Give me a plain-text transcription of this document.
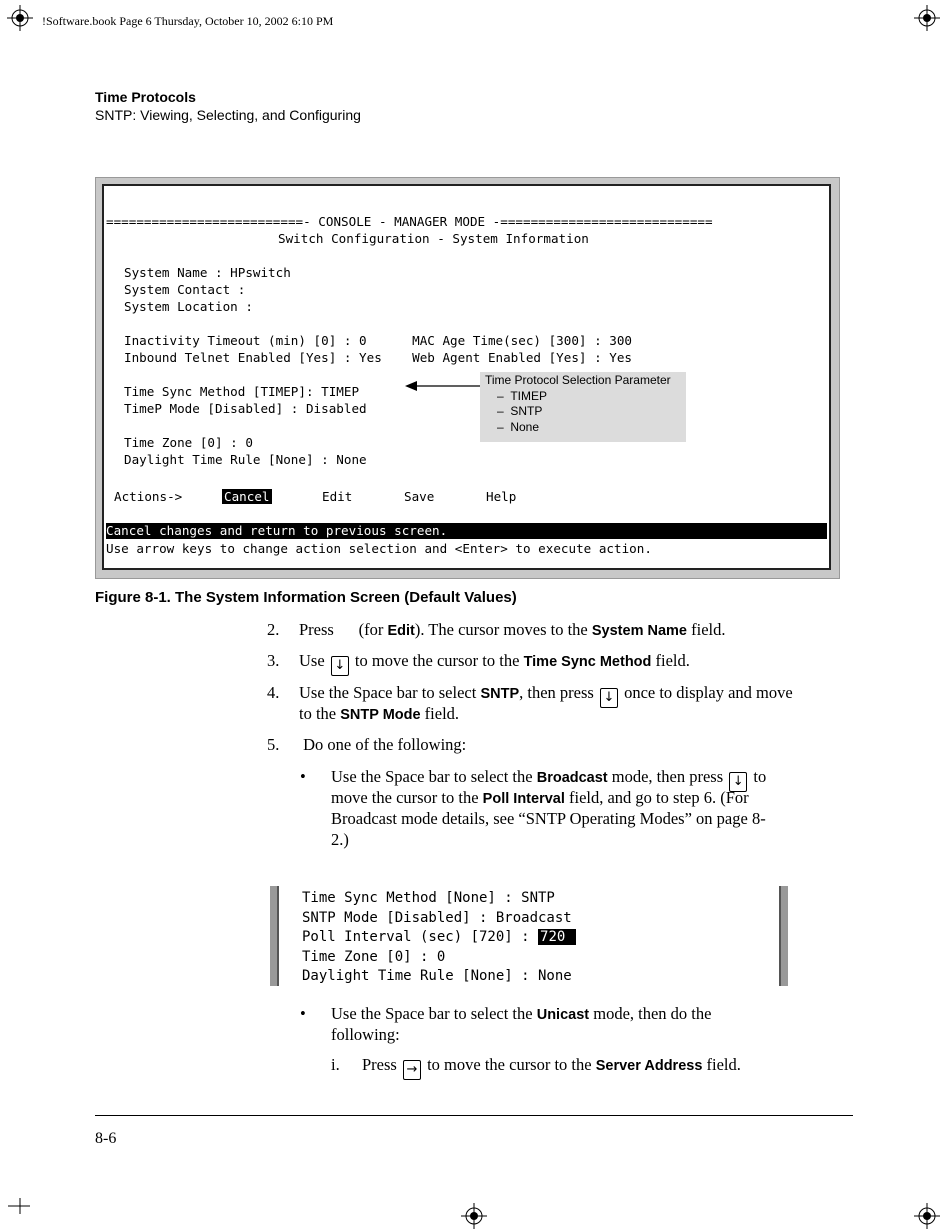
!Software.book Page 6 Thursday, October 10, 2002 6:10 PM
Time Protocols
SNTP: Viewing, Selecting, and Configuring
==========================- CONSOLE - MANAGER MODE -============================
Switch Configuration - System Information
System Name : HPswitch
System Contact :
System Location :
Inactivity Timeout (min) [0] : 0      MAC Age Time(sec) [300] : 300
Inbound Telnet Enabled [Yes] : Yes    Web Agent Enabled [Yes] : Yes
Time Sync Method [TIMEP]: TIMEP
TimeP Mode [Disabled] : Disabled
Time Zone [0] : 0
Daylight Time Rule [None] : None
Actions->	Cancel	Edit	Save	Help
Cancel changes and return to previous screen.
Use arrow keys to change action selection and <Enter> to execute action.
Time Protocol Selection Parameter
–  TIMEP
–  SNTP
–  None
Figure 8-1. The System Information Screen (Default Values)
2. Press      (for Edit). The cursor moves to the System Name field.
3. Use ↓ to move the cursor to the Time Sync Method field.
4. Use the Space bar to select SNTP, then press ↓ once to display and move
to the SNTP Mode field.
5. Do one of the following:
• Use the Space bar to select the Broadcast mode, then press ↓ to
move the cursor to the Poll Interval field, and go to step 6. (For
Broadcast mode details, see “SNTP Operating Modes” on page 8-
2.)
Time Sync Method [None] : SNTP
SNTP Mode [Disabled] : Broadcast
Poll Interval (sec) [720] : 720
Time Zone [0] : 0
Daylight Time Rule [None] : None
• Use the Space bar to select the Unicast mode, then do the
following:
i. Press → to move the cursor to the Server Address field.
8-6
